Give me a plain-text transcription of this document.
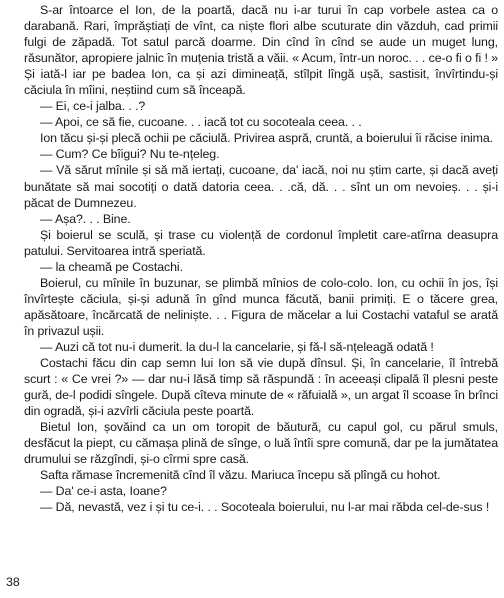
S-ar întoarce el Ion, de la poartă, dacă nu i-ar turui în cap vorbele astea ca o darabană. Rari, împrăștiați de vînt, ca niște flori albe scuturate din văzduh, cad primii fulgi de zăpadă. Tot satul parcă doarme. Din cînd în cînd se aude un muget lung, răsunător, apropiere jalnic în muțenia tristă a văii. « Acum, într-un noroc. . . ce-o fi o fi ! » Și iată-l iar pe badea Ion, ca și azi dimineață, stîlpit lîngă ușă, sastisit, învîrtindu-și căciula în mîini, neștiind cum să înceapă.

— Ei, ce-i jalba. . .?

— Apoi, ce să fie, cucoane. . . iacă tot cu socoteala ceea. . .

Ion tăcu și-și plecă ochii pe căciulă. Privirea aspră, cruntă, a boierului îi răcise inima.

— Cum? Ce bîigui? Nu te-nțeleg.

— Vă sărut mînile și să mă iertați, cucoane, da' iacă, noi nu știm carte, și dacă aveți bunătate să mai socotiți o dată datoria ceea. . .că, dă. . . sînt un om nevoieș. . . și-i păcat de Dumnezeu.

— Așa?. . . Bine.

Și boierul se sculă, și trase cu violență de cordonul împletit care-atîrna deasupra patului. Servitoarea intră speriată.

— la cheamă pe Costachi.

Boierul, cu mînile în buzunar, se plimbă mînios de colo-colo. Ion, cu ochii în jos, își învîrtește căciula, și-și adună în gînd munca făcută, banii primiți. E o tăcere grea, apăsătoare, încărcată de neliniște. . . Figura de măcelar a lui Costachi vataful se arată în privazul ușii.

— Auzi că tot nu-i dumerit. la du-l la cancelarie, și fă-l să-nțeleagă odată !

Costachi făcu din cap semn lui Ion să vie după dînsul. Și, în cancelarie, îl întrebă scurt : « Ce vrei ?» — dar nu-i lăsă timp să răspundă : în aceeași clipală îl plesni peste gură, de-l podidi sîngele. După cîteva minute de « răfuială », un argat îl scoase în brînci din ogradă, și-i azvîrli căciula peste poartă.

Bietul Ion, șovăind ca un om toropit de băutură, cu capul gol, cu părul smuls, desfăcut la piept, cu cămașa plină de sînge, o luă întîi spre comună, dar pe la jumătatea drumului se răzgîndi, și-o cîrmi spre casă.

Safta rămase încremenită cînd îl văzu. Mariuca începu să plîngă cu hohot.

— Da' ce-i asta, Ioane?

— Dă, nevastă, vez i și tu ce-i. . . Socoteala boierului, nu l-ar mai răbda cel-de-sus !

38
